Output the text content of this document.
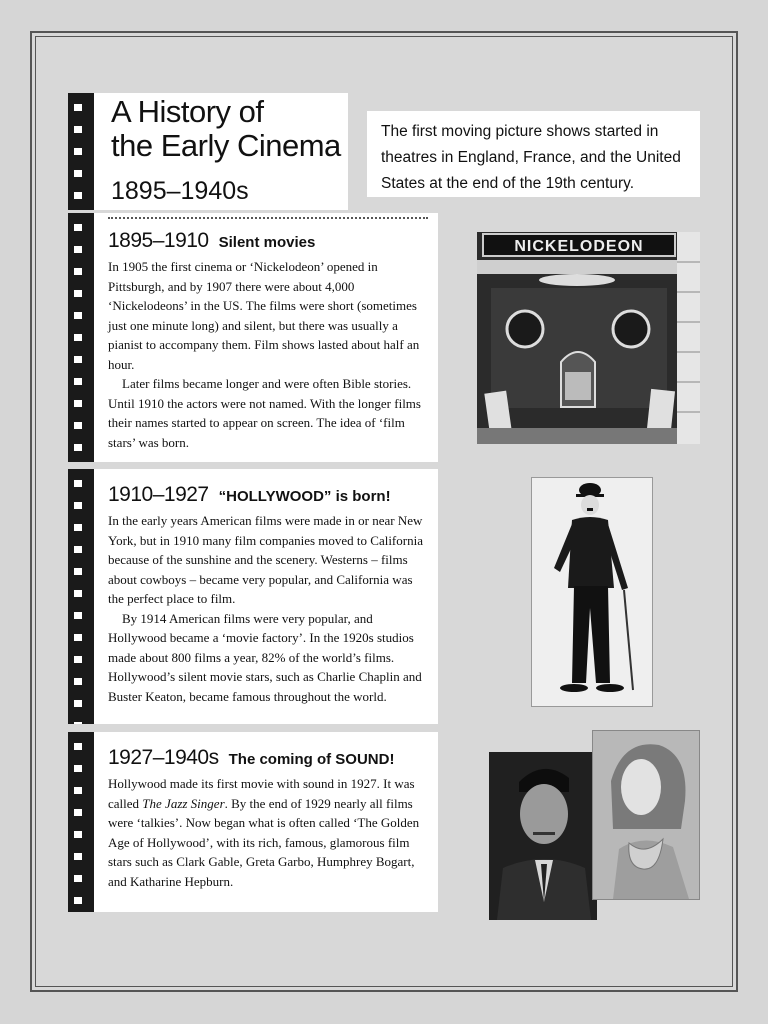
A History of
the Early Cinema
1895–1940s
The first moving picture shows started in theatres in England, France, and the United States at the end of the 19th century.
1895–1910 Silent movies

In 1905 the first cinema or ‘Nickelodeon’ opened in Pittsburgh, and by 1907 there were about 4,000 ‘Nickelodeons’ in the US. The films were short (sometimes just one minute long) and silent, but there was usually a pianist to accompany them. Film shows lasted about half an hour.

Later films became longer and were often Bible stories. Until 1910 the actors were not named. With the longer films their names started to appear on screen. The idea of ‘film stars’ was born.

1910–1927 “HOLLYWOOD” is born!

In the early years American films were made in or near New York, but in 1910 many film companies moved to California because of the sunshine and the scenery. Westerns – films about cowboys – became very popular, and California was the perfect place to film.

By 1914 American films were very popular, and Hollywood became a ‘movie factory’. In the 1920s studios made about 800 films a year, 82% of the world’s films. Hollywood’s silent movie stars, such as Charlie Chaplin and Buster Keaton, became famous throughout the world.

1927–1940s The coming of SOUND!

Hollywood made its first movie with sound in 1927. It was called The Jazz Singer. By the end of 1929 nearly all films were ‘talkies’. Now began what is often called ‘The Golden Age of Hollywood’, with its rich, famous, glamorous film stars such as Clark Gable, Greta Garbo, Humphrey Bogart, and Katharine Hepburn.

NICKELODEON
